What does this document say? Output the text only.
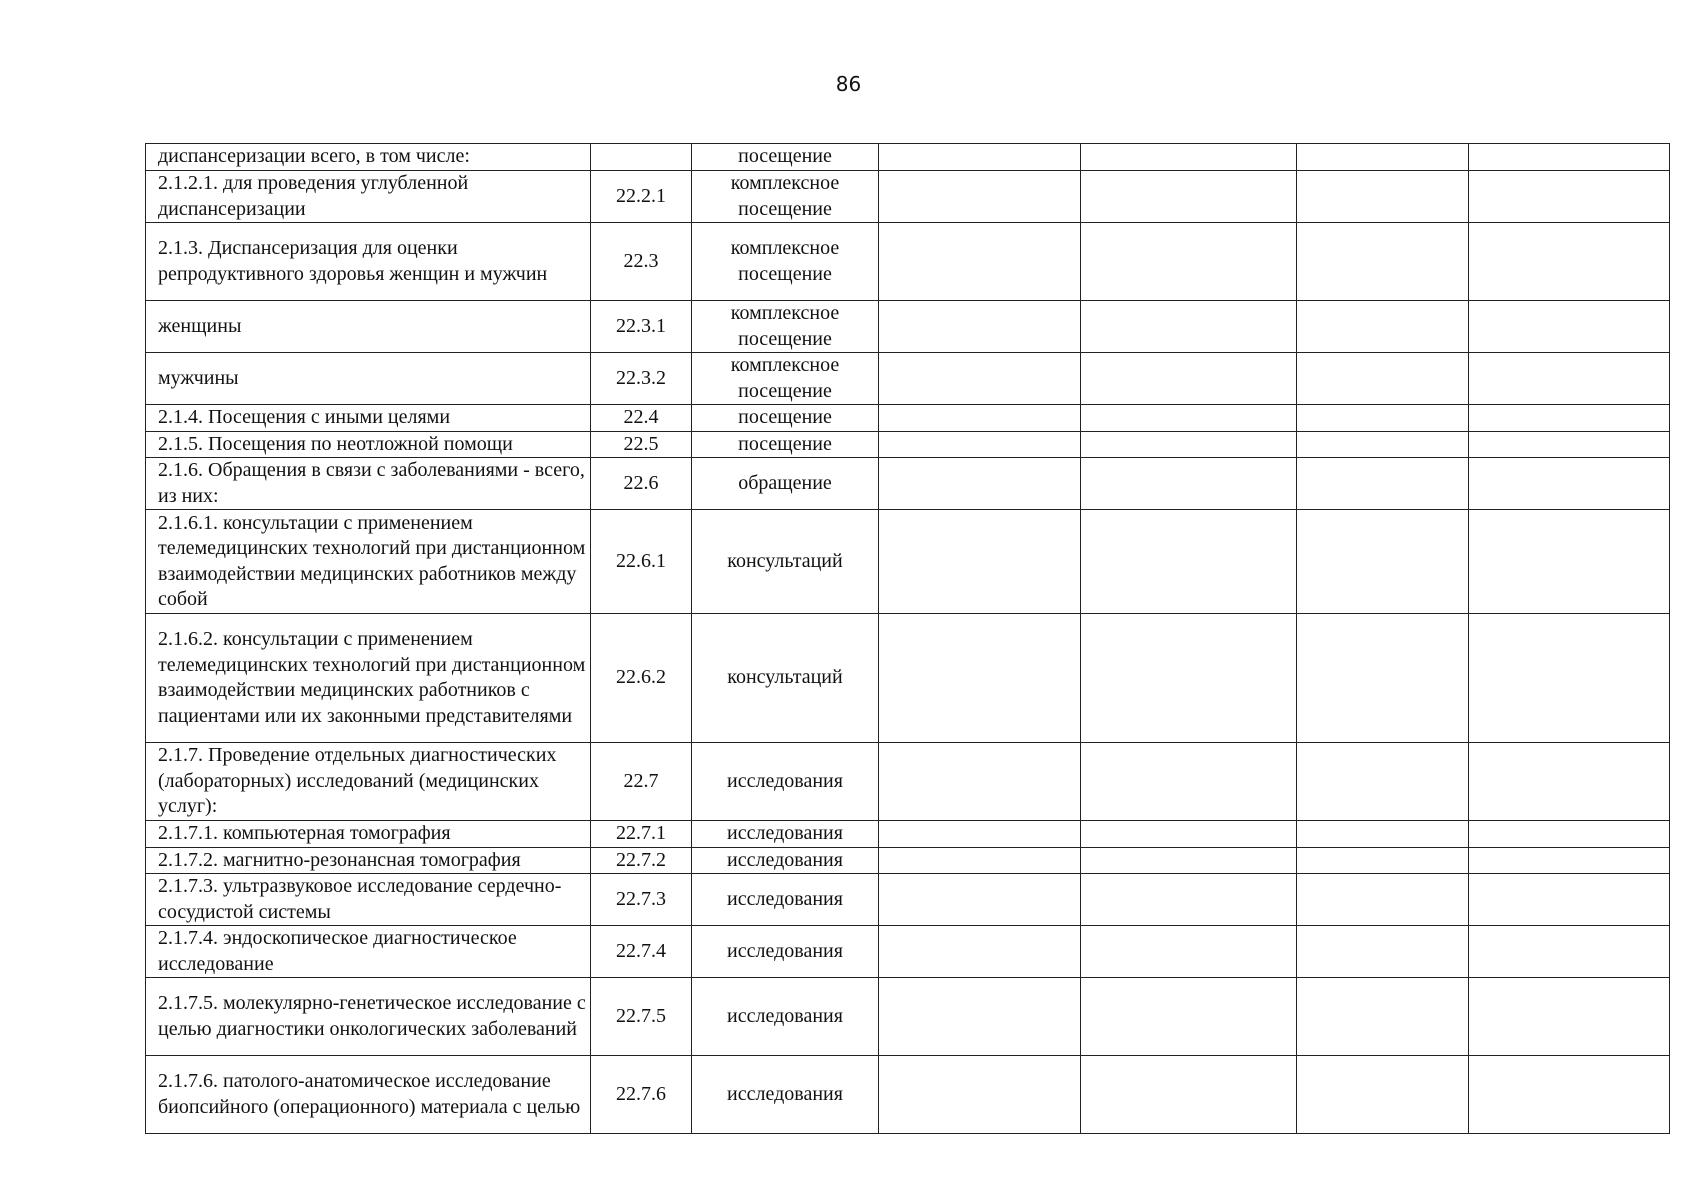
86
диспансеризации всего, в том числе:		посещение				
2.1.2.1. для проведения углубленной диспансеризации	22.2.1	комплексное посещение				
2.1.3. Диспансеризация для оценки репродуктивного здоровья женщин и мужчин	22.3	комплексное посещение				
женщины	22.3.1	комплексное посещение				
мужчины	22.3.2	комплексное посещение				
2.1.4. Посещения с иными целями	22.4	посещение				
2.1.5. Посещения по неотложной помощи	22.5	посещение				
2.1.6. Обращения в связи с заболеваниями - всего, из них:	22.6	обращение				
2.1.6.1. консультации с применением телемедицинских технологий при дистанционном взаимодействии медицинских работников между собой	22.6.1	консультаций				
2.1.6.2. консультации с применением телемедицинских технологий при дистанционном взаимодействии медицинских работников с пациентами или их законными представителями	22.6.2	консультаций				
2.1.7. Проведение отдельных диагностических (лабораторных) исследований (медицинских услуг):	22.7	исследования				
2.1.7.1. компьютерная томография	22.7.1	исследования				
2.1.7.2. магнитно-резонансная томография	22.7.2	исследования				
2.1.7.3. ультразвуковое исследование сердечно-сосудистой системы	22.7.3	исследования				
2.1.7.4. эндоскопическое диагностическое исследование	22.7.4	исследования				
2.1.7.5. молекулярно-генетическое исследование с целью диагностики онкологических заболеваний	22.7.5	исследования				
2.1.7.6. патолого-анатомическое исследование биопсийного (операционного) материала с целью	22.7.6	исследования				
